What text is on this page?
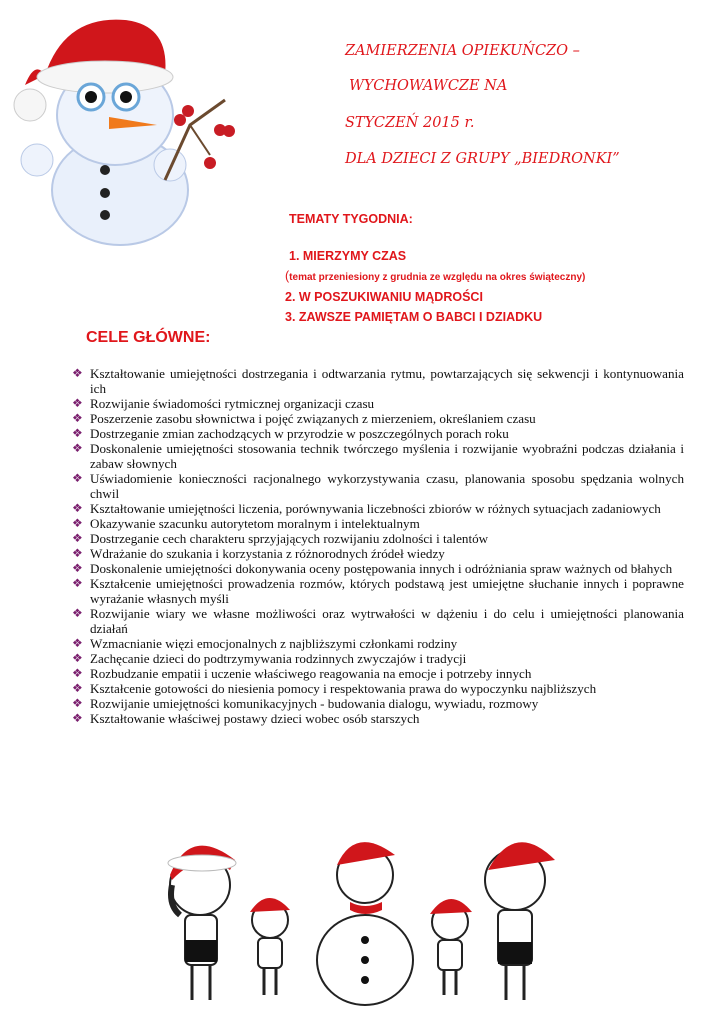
ZAMIERZENIA OPIEKUŃCZO –
WYCHOWAWCZE NA
STYCZEŃ 2015 r.
DLA DZIECI Z GRUPY „BIEDRONKI”
TEMATY TYGODNIA:
1. MIERZYMY CZAS
(temat przeniesiony z grudnia ze względu na okres świąteczny)
2. W POSZUKIWANIU MĄDROŚCI
3. ZAWSZE PAMIĘTAM O BABCI I DZIADKU
CELE GŁÓWNE:
❖ Kształtowanie umiejętności dostrzegania i odtwarzania rytmu, powtarzających się sekwencji i kontynuowania ich
❖ Rozwijanie świadomości rytmicznej organizacji czasu
❖ Poszerzenie zasobu słownictwa i pojęć związanych z mierzeniem, określaniem czasu
❖ Dostrzeganie zmian zachodzących w przyrodzie w poszczególnych porach roku
❖ Doskonalenie umiejętności stosowania technik twórczego myślenia i rozwijanie wyobraźni podczas działania i zabaw słownych
❖ Uświadomienie konieczności racjonalnego wykorzystywania czasu, planowania sposobu spędzania wolnych chwil
❖ Kształtowanie umiejętności liczenia, porównywania liczebności zbiorów w różnych sytuacjach zadaniowych
❖ Okazywanie szacunku autorytetom moralnym i intelektualnym
❖ Dostrzeganie cech charakteru sprzyjających rozwijaniu zdolności i talentów
❖ Wdrażanie do szukania i korzystania z różnorodnych źródeł wiedzy
❖ Doskonalenie umiejętności dokonywania oceny postępowania innych i odróżniania spraw ważnych od błahych
❖ Kształcenie umiejętności prowadzenia rozmów, których podstawą jest umiejętne słuchanie innych i poprawne wyrażanie własnych myśli
❖ Rozwijanie wiary we własne możliwości oraz wytrwałości w dążeniu i do celu i umiejętności planowania działań
❖ Wzmacnianie więzi emocjonalnych z najbliższymi członkami rodziny
❖ Zachęcanie dzieci do podtrzymywania rodzinnych zwyczajów i tradycji
❖ Rozbudzanie empatii i uczenie właściwego reagowania na emocje i potrzeby innych
❖ Kształcenie gotowości do niesienia pomocy i respektowania prawa do wypoczynku najbliższych
❖ Rozwijanie umiejętności komunikacyjnych - budowania dialogu, wywiadu, rozmowy
❖ Kształtowanie właściwej postawy dzieci wobec osób starszych
